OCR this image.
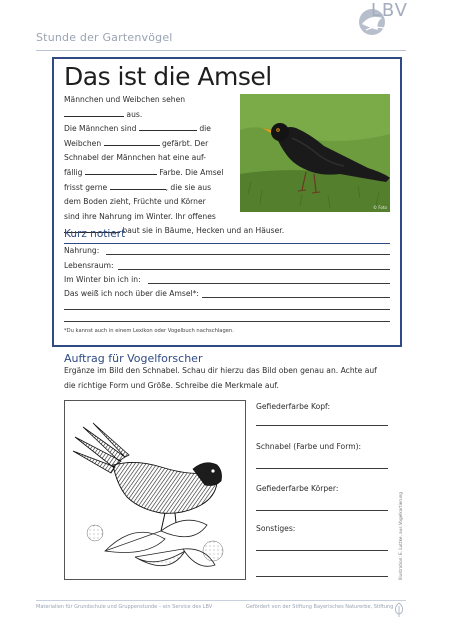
Stunde der Gartenvögel
LBV
Das ist die Amsel
Männchen und Weibchen sehen
aus.
Die Männchen sind	die
Weibchen	gefärbt. Der
Schnabel der Männchen hat eine auf-
fällig	Farbe. Die Amsel
frisst gerne	, die sie aus
dem Boden zieht, Früchte und Körner
sind ihre Nahrung im Winter. Ihr offenes
baut sie in Bäume, Hecken und an Häuser.
© Foto
Kurz notiert
Nahrung:
Lebensraum:
Im Winter bin ich in:
Das weiß ich noch über die Amsel*:
*Du kannst auch in einem Lexikon oder Vogelbuch nachschlagen.
Auftrag für Vogelforscher
Ergänze im Bild den Schnabel. Schau dir hierzu das Bild oben genau an. Achte auf
die richtige Form und Größe. Schreibe die Merkmale auf.
Gefiederfarbe Kopf:
Schnabel (Farbe und Form):
Gefiederfarbe Körper:
Sonstiges:	Illustration: E. Luttke, aus Vogelkartierung
Materialien für Grundschule und Gruppenstunde – ein Service des LBV	Gefördert von der Stiftung Bayerisches Naturerbe, Stiftung
